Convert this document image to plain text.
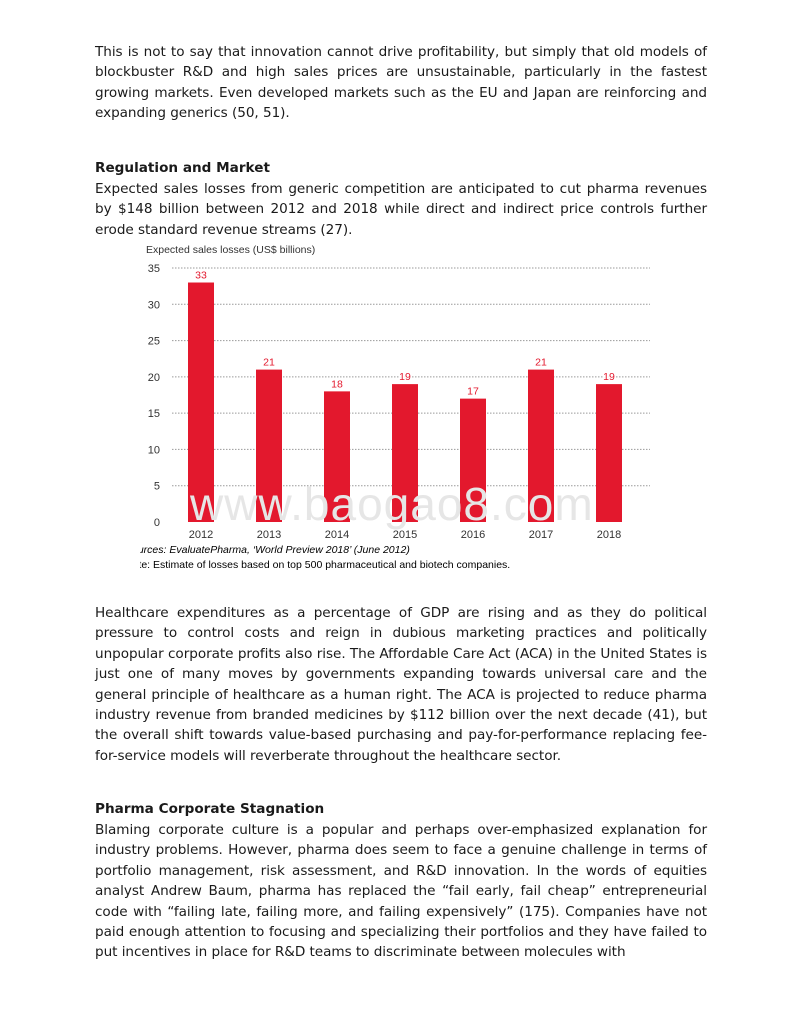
This is not to say that innovation cannot drive profitability, but simply that old models of blockbuster R&D and high sales prices are unsustainable, particularly in the fastest growing markets. Even developed markets such as the EU and Japan are reinforcing and expanding generics (50, 51).

Regulation and Market

Expected sales losses from generic competition are anticipated to cut pharma revenues by $148 billion between 2012 and 2018 while direct and indirect price controls further erode standard revenue streams (27).

Expected sales losses (US$ billions)
0
5
10
15
20
25
30
35
2012	2013	2014	2015	2016	2017	2018
33
21
18
19
17
21
19
Sources: EvaluatePharma, ‘World Preview 2018’ (June 2012)
Note: Estimate of losses based on top 500 pharmaceutical and biotech companies.

Healthcare expenditures as a percentage of GDP are rising and as they do political pressure to control costs and reign in dubious marketing practices and politically unpopular corporate profits also rise. The Affordable Care Act (ACA) in the United States is just one of many moves by governments expanding towards universal care and the general principle of healthcare as a human right. The ACA is projected to reduce pharma industry revenue from branded medicines by $112 billion over the next decade (41), but the overall shift towards value-based purchasing and pay-for-performance replacing fee-for-service models will reverberate throughout the healthcare sector.

Pharma Corporate Stagnation

Blaming corporate culture is a popular and perhaps over-emphasized explanation for industry problems. However, pharma does seem to face a genuine challenge in terms of portfolio management, risk assessment, and R&D innovation. In the words of equities analyst Andrew Baum, pharma has replaced the “fail early, fail cheap” entrepreneurial code with “failing late, failing more, and failing expensively” (175). Companies have not paid enough attention to focusing and specializing their portfolios and they have failed to put incentives in place for R&D teams to discriminate between molecules with

www.baogao8.com
